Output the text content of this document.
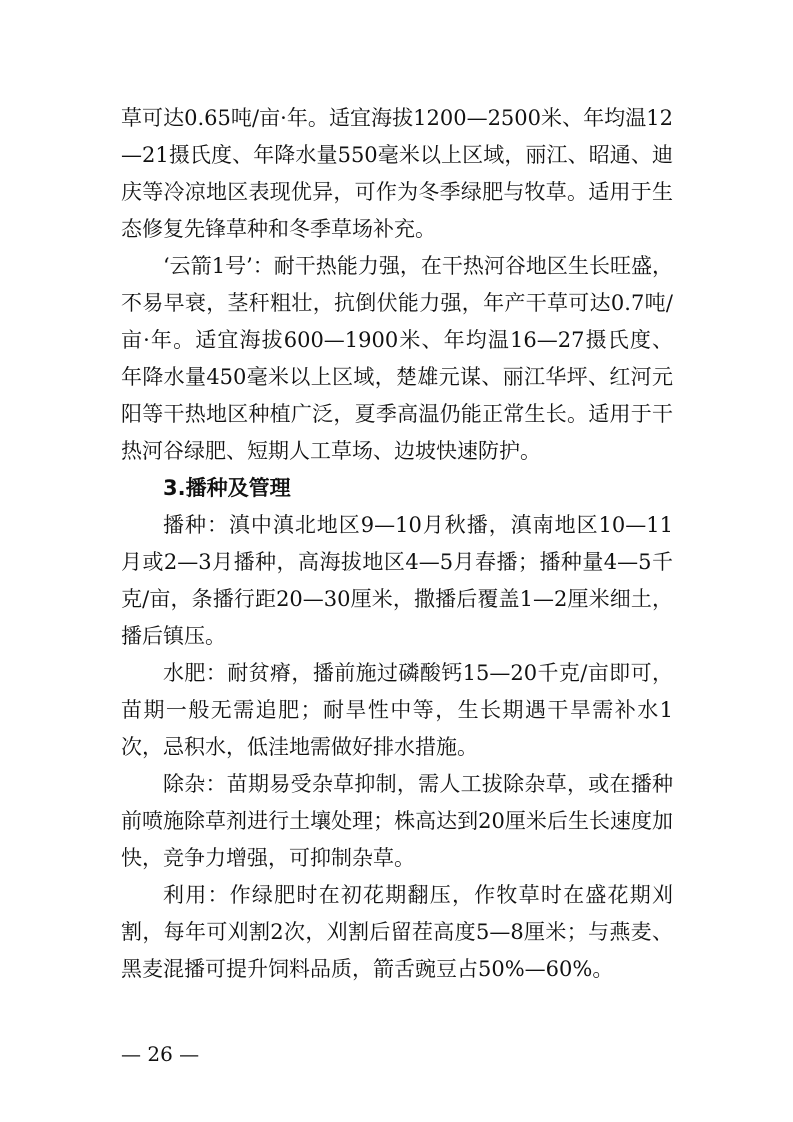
草可达0.65吨/亩·年。适宜海拔1200—2500米、年均温12—21摄氏度、年降水量550毫米以上区域，丽江、昭通、迪庆等冷凉地区表现优异，可作为冬季绿肥与牧草。适用于生态修复先锋草种和冬季草场补充。

‘云箭1号’：耐干热能力强，在干热河谷地区生长旺盛，不易早衰，茎秆粗壮，抗倒伏能力强，年产干草可达0.7吨/亩·年。适宜海拔600—1900米、年均温16—27摄氏度、年降水量450毫米以上区域，楚雄元谋、丽江华坪、红河元阳等干热地区种植广泛，夏季高温仍能正常生长。适用于干热河谷绿肥、短期人工草场、边坡快速防护。

3.播种及管理

播种：滇中滇北地区9—10月秋播，滇南地区10—11月或2—3月播种，高海拔地区4—5月春播；播种量4—5千克/亩，条播行距20—30厘米，撒播后覆盖1—2厘米细土，播后镇压。

水肥：耐贫瘠，播前施过磷酸钙15—20千克/亩即可，苗期一般无需追肥；耐旱性中等，生长期遇干旱需补水1次，忌积水，低洼地需做好排水措施。

除杂：苗期易受杂草抑制，需人工拔除杂草，或在播种前喷施除草剂进行土壤处理；株高达到20厘米后生长速度加快，竞争力增强，可抑制杂草。

利用：作绿肥时在初花期翻压，作牧草时在盛花期刈割，每年可刈割2次，刈割后留茬高度5—8厘米；与燕麦、黑麦混播可提升饲料品质，箭舌豌豆占50%—60%。

— 26 —
